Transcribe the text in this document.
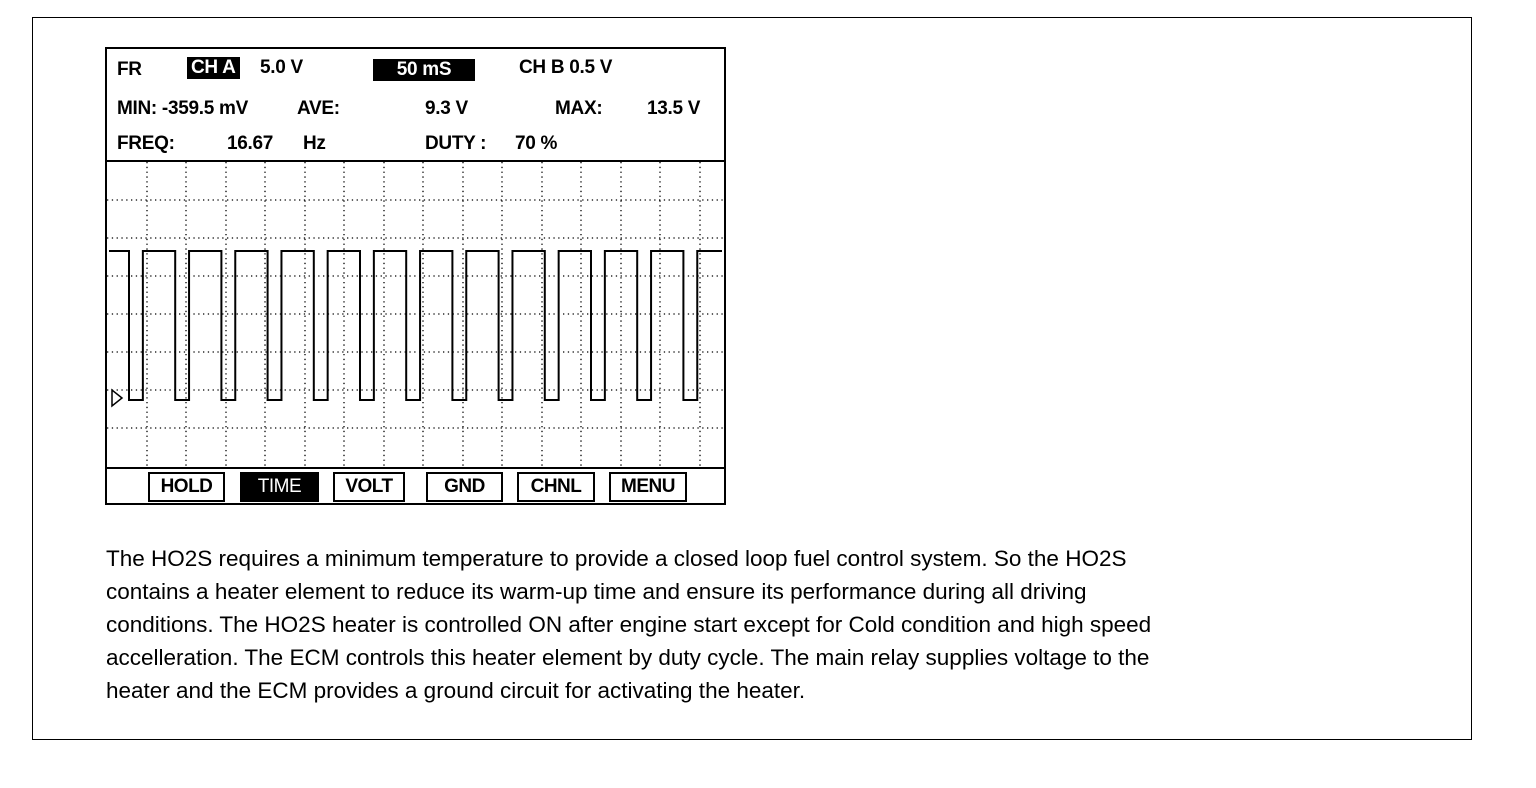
FR	CH A 5.0 V	50 mS	CH B 0.5 V
MIN: -359.5 mV	AVE:	9.3 V	MAX: 13.5 V
FREQ:	16.67 Hz	DUTY : 70 %
HOLD	TIME	VOLT	GND	CHNL	MENU
The HO2S requires a minimum temperature to provide a closed loop fuel control system. So the HO2S
contains a heater element to reduce its warm-up time and ensure its performance during all driving
conditions. The HO2S heater is controlled ON after engine start except for Cold condition and high speed
accelleration. The ECM controls this heater element by duty cycle. The main relay supplies voltage to the
heater and the ECM provides a ground circuit for activating the heater.
